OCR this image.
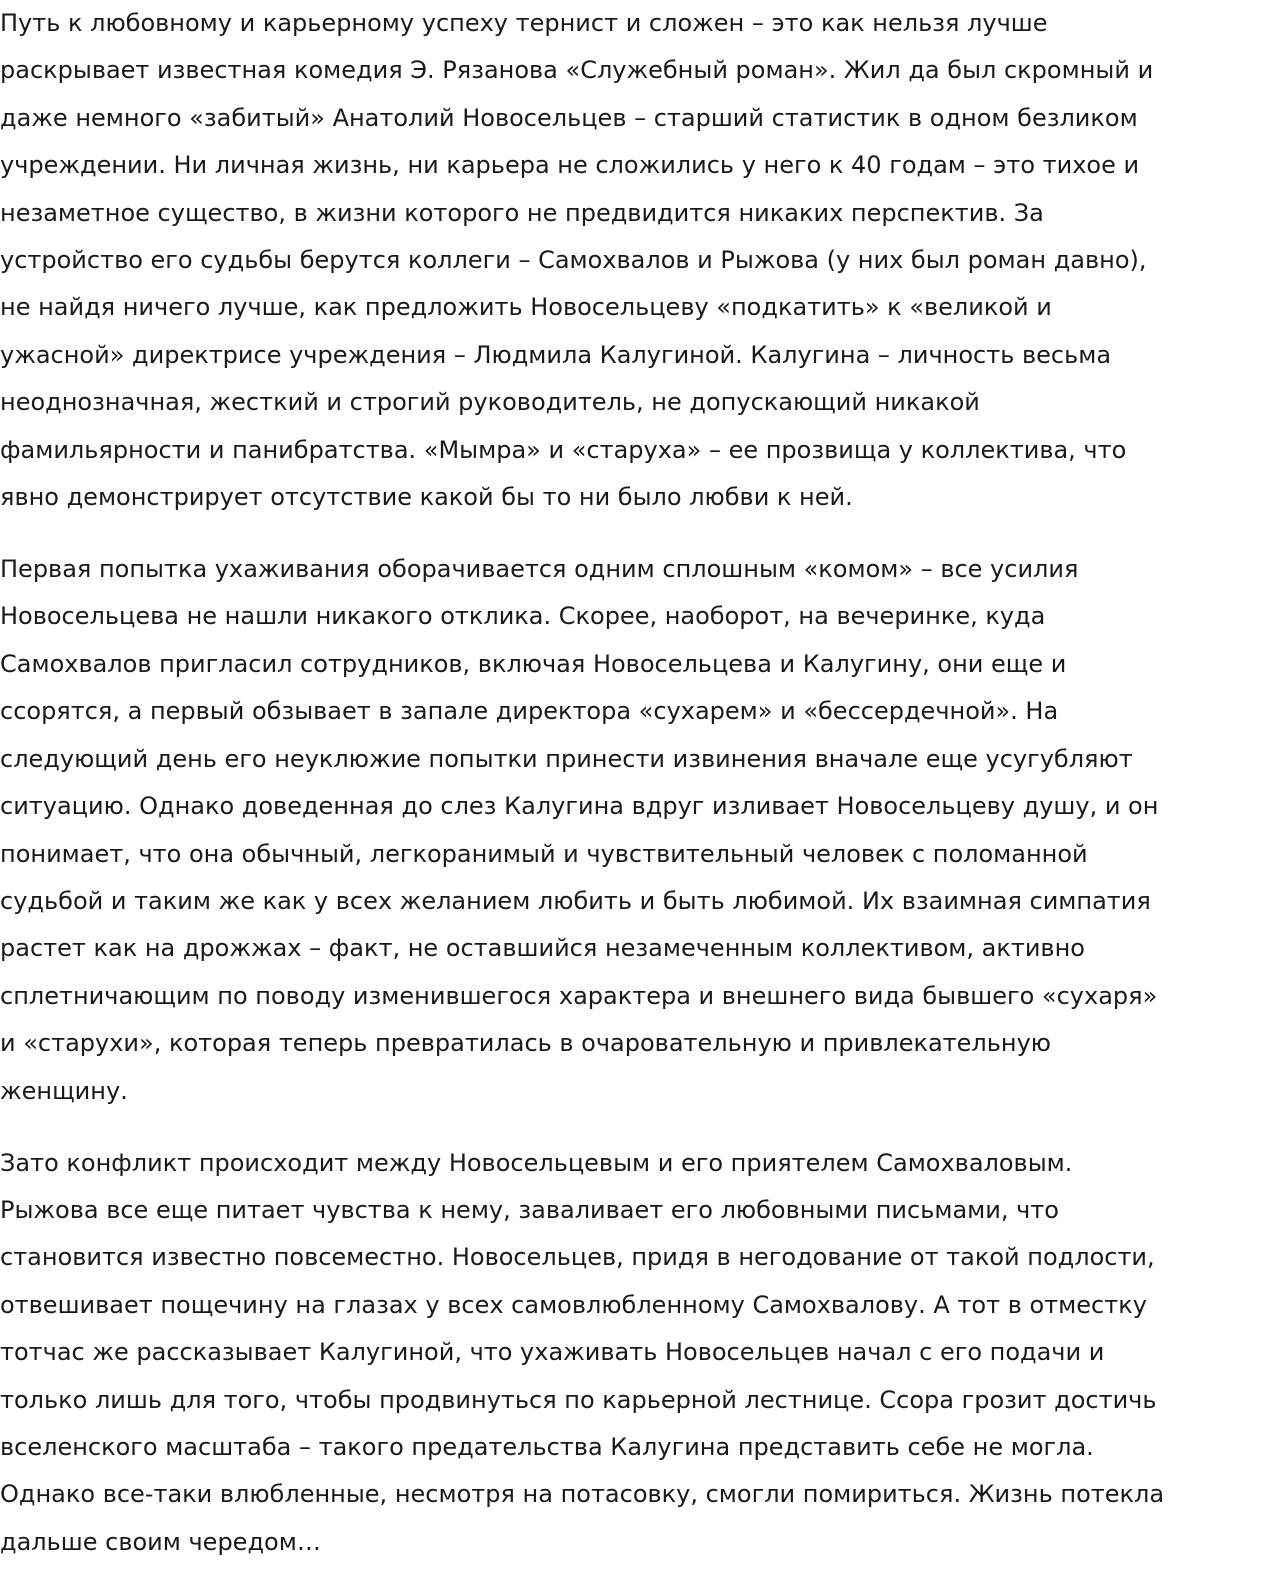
Путь к любовному и карьерному успеху тернист и сложен – это как нельзя лучше
раскрывает известная комедия Э. Рязанова «Служебный роман». Жил да был скромный и
даже немного «забитый» Анатолий Новосельцев – старший статистик в одном безликом
учреждении. Ни личная жизнь, ни карьера не сложились у него к 40 годам – это тихое и
незаметное существо, в жизни которого не предвидится никаких перспектив. За
устройство его судьбы берутся коллеги – Самохвалов и Рыжова (у них был роман давно),
не найдя ничего лучше, как предложить Новосельцеву «подкатить» к «великой и
ужасной» директрисе учреждения – Людмила Калугиной. Калугина – личность весьма
неоднозначная, жесткий и строгий руководитель, не допускающий никакой
фамильярности и панибратства. «Мымра» и «старуха» – ее прозвища у коллектива, что
явно демонстрирует отсутствие какой бы то ни было любви к ней.

Первая попытка ухаживания оборачивается одним сплошным «комом» – все усилия
Новосельцева не нашли никакого отклика. Скорее, наоборот, на вечеринке, куда
Самохвалов пригласил сотрудников, включая Новосельцева и Калугину, они еще и
ссорятся, а первый обзывает в запале директора «сухарем» и «бессердечной». На
следующий день его неуклюжие попытки принести извинения вначале еще усугубляют
ситуацию. Однако доведенная до слез Калугина вдруг изливает Новосельцеву душу, и он
понимает, что она обычный, легкоранимый и чувствительный человек с поломанной
судьбой и таким же как у всех желанием любить и быть любимой. Их взаимная симпатия
растет как на дрожжах – факт, не оставшийся незамеченным коллективом, активно
сплетничающим по поводу изменившегося характера и внешнего вида бывшего «сухаря»
и «старухи», которая теперь превратилась в очаровательную и привлекательную
женщину.

Зато конфликт происходит между Новосельцевым и его приятелем Самохваловым.
Рыжова все еще питает чувства к нему, заваливает его любовными письмами, что
становится известно повсеместно. Новосельцев, придя в негодование от такой подлости,
отвешивает пощечину на глазах у всех самовлюбленному Самохвалову. А тот в отместку
тотчас же рассказывает Калугиной, что ухаживать Новосельцев начал с его подачи и
только лишь для того, чтобы продвинуться по карьерной лестнице. Ссора грозит достичь
вселенского масштаба – такого предательства Калугина представить себе не могла.
Однако все-таки влюбленные, несмотря на потасовку, смогли помириться. Жизнь потекла
дальше своим чередом…
